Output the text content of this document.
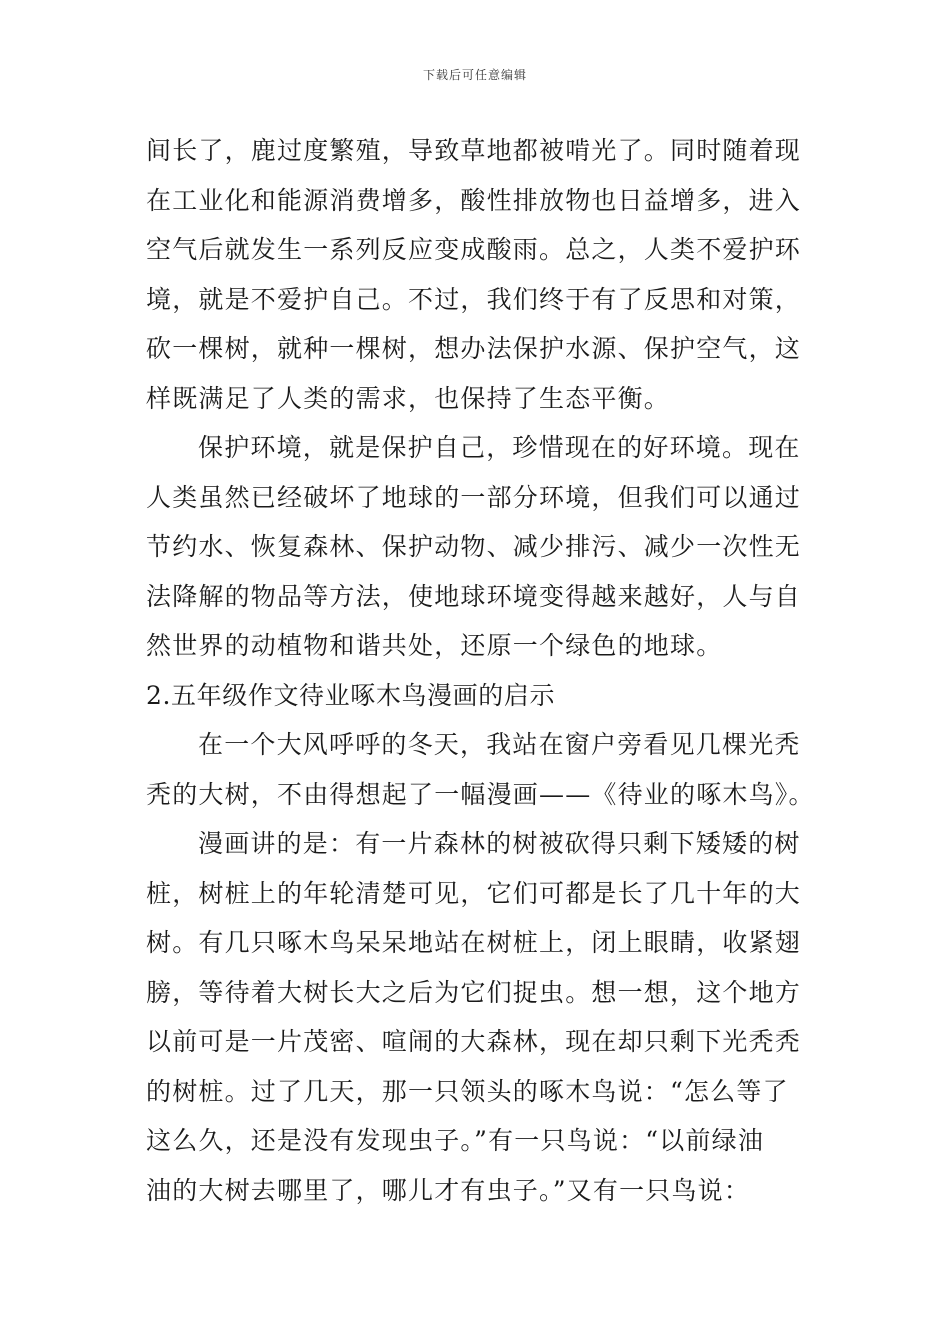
下载后可任意编辑
间长了，鹿过度繁殖，导致草地都被啃光了。同时随着现
在工业化和能源消费增多，酸性排放物也日益增多，进入
空气后就发生一系列反应变成酸雨。总之，人类不爱护环
境，就是不爱护自己。不过，我们终于有了反思和对策，
砍一棵树，就种一棵树，想办法保护水源、保护空气，这
样既满足了人类的需求，也保持了生态平衡。
保护环境，就是保护自己，珍惜现在的好环境。现在
人类虽然已经破坏了地球的一部分环境，但我们可以通过
节约水、恢复森林、保护动物、减少排污、减少一次性无
法降解的物品等方法，使地球环境变得越来越好，人与自
然世界的动植物和谐共处，还原一个绿色的地球。
2.五年级作文待业啄木鸟漫画的启示
在一个大风呼呼的冬天，我站在窗户旁看见几棵光秃
秃的大树，不由得想起了一幅漫画——《待业的啄木鸟》。
漫画讲的是：有一片森林的树被砍得只剩下矮矮的树
桩，树桩上的年轮清楚可见，它们可都是长了几十年的大
树。有几只啄木鸟呆呆地站在树桩上，闭上眼睛，收紧翅
膀，等待着大树长大之后为它们捉虫。想一想，这个地方
以前可是一片茂密、喧闹的大森林，现在却只剩下光秃秃
的树桩。过了几天，那一只领头的啄木鸟说：“怎么等了
这么久，还是没有发现虫子。”有一只鸟说：“以前绿油
油的大树去哪里了，哪儿才有虫子。”又有一只鸟说：
